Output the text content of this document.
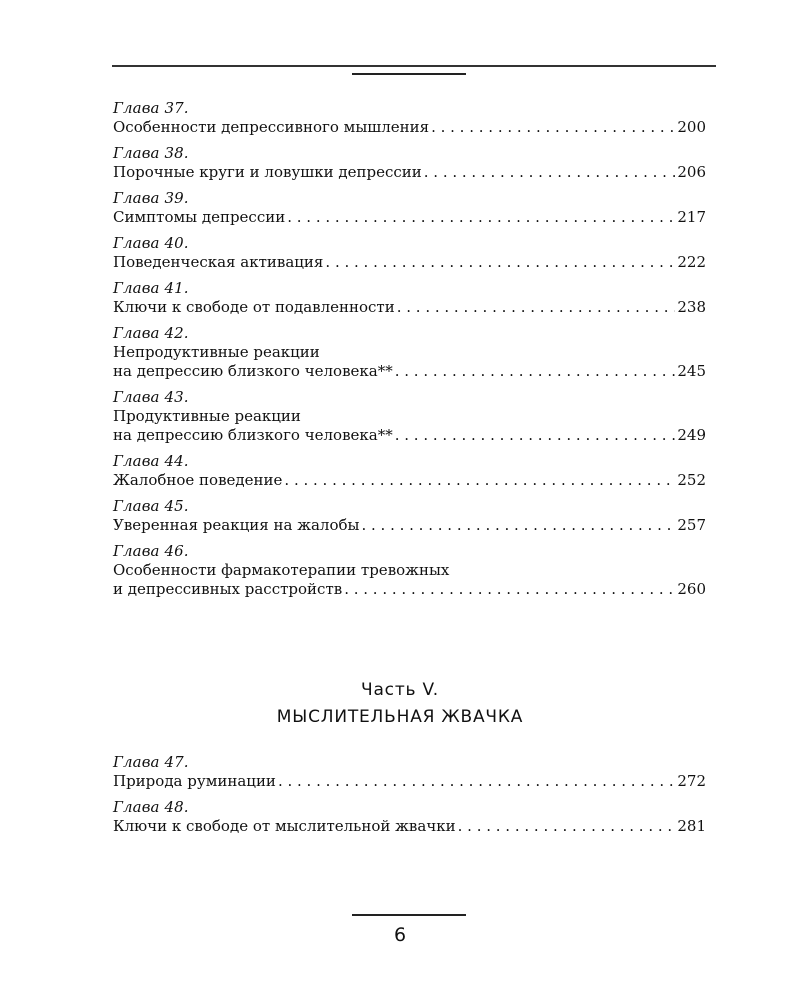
Глава 37.
Особенности депрессивного мышления . . .	200
Глава 38.
Порочные круги и ловушки депрессии . . .	206
Глава 39.
Симптомы депрессии . . .	217
Глава 40.
Поведенческая активация . . .	222
Глава 41.
Ключи к свободе от подавленности . . .	238
Глава 42.
Непродуктивные реакции
на депрессию близкого человека** . . .	245
Глава 43.
Продуктивные реакции
на депрессию близкого человека** . . .	249
Глава 44.
Жалобное поведение . . .	252
Глава 45.
Уверенная реакция на жалобы . . .	257
Глава 46.
Особенности фармакотерапии тревожных
и депрессивных расстройств . . .	260
Часть V.
МЫСЛИТЕЛЬНАЯ ЖВАЧКА
Глава 47.
Природа руминации . . .	272
Глава 48.
Ключи к свободе от мыслительной жвачки . . .	281
6
